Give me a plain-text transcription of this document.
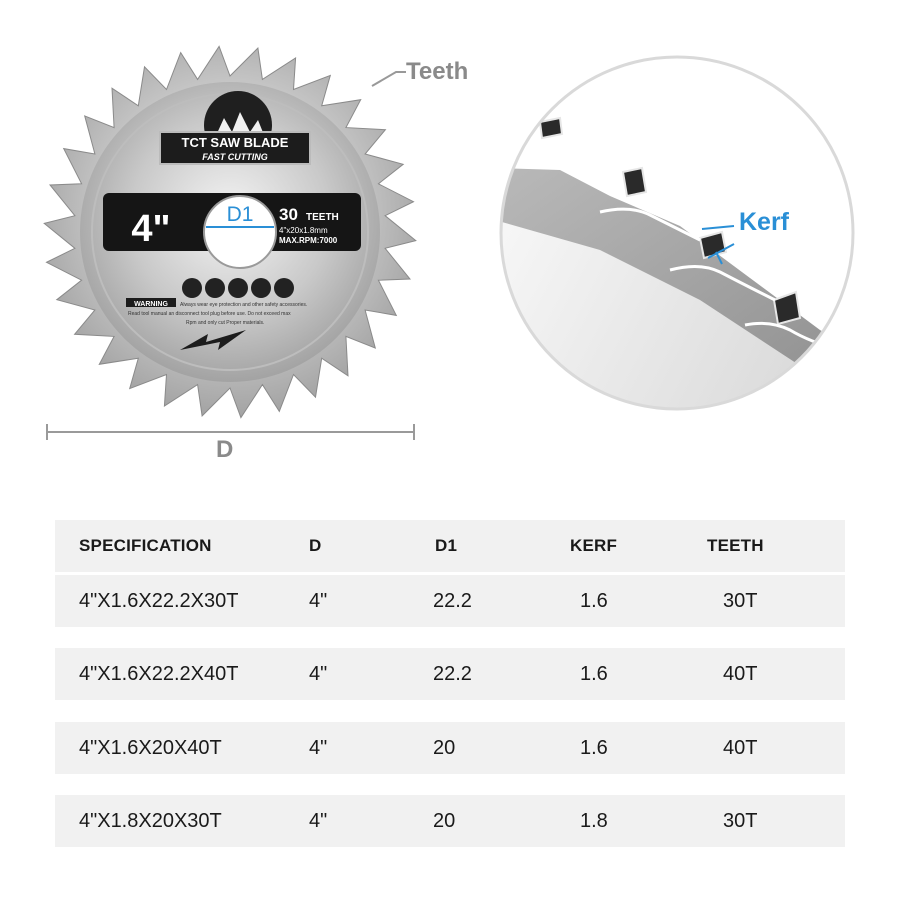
TCT SAW BLADE
FAST CUTTING
4"	D1 30 TEETH
4"x20x1.8mm
MAX.RPM:7000
WARNING Always wear eye protection and other safety accessories.
Read tool manual an disconnect tool plug before use. Do not exceed max
Rpm and only cut Proper materials.
Teeth
Kerf
D
SPECIFICATION	D	D1	KERF	TEETH
4"X1.6X22.2X30T	4"	22.2	1.6	30T
4"X1.6X22.2X40T	4"	22.2	1.6	40T
4"X1.6X20X40T	4"	20	1.6	40T
4"X1.8X20X30T	4"	20	1.8	30T
